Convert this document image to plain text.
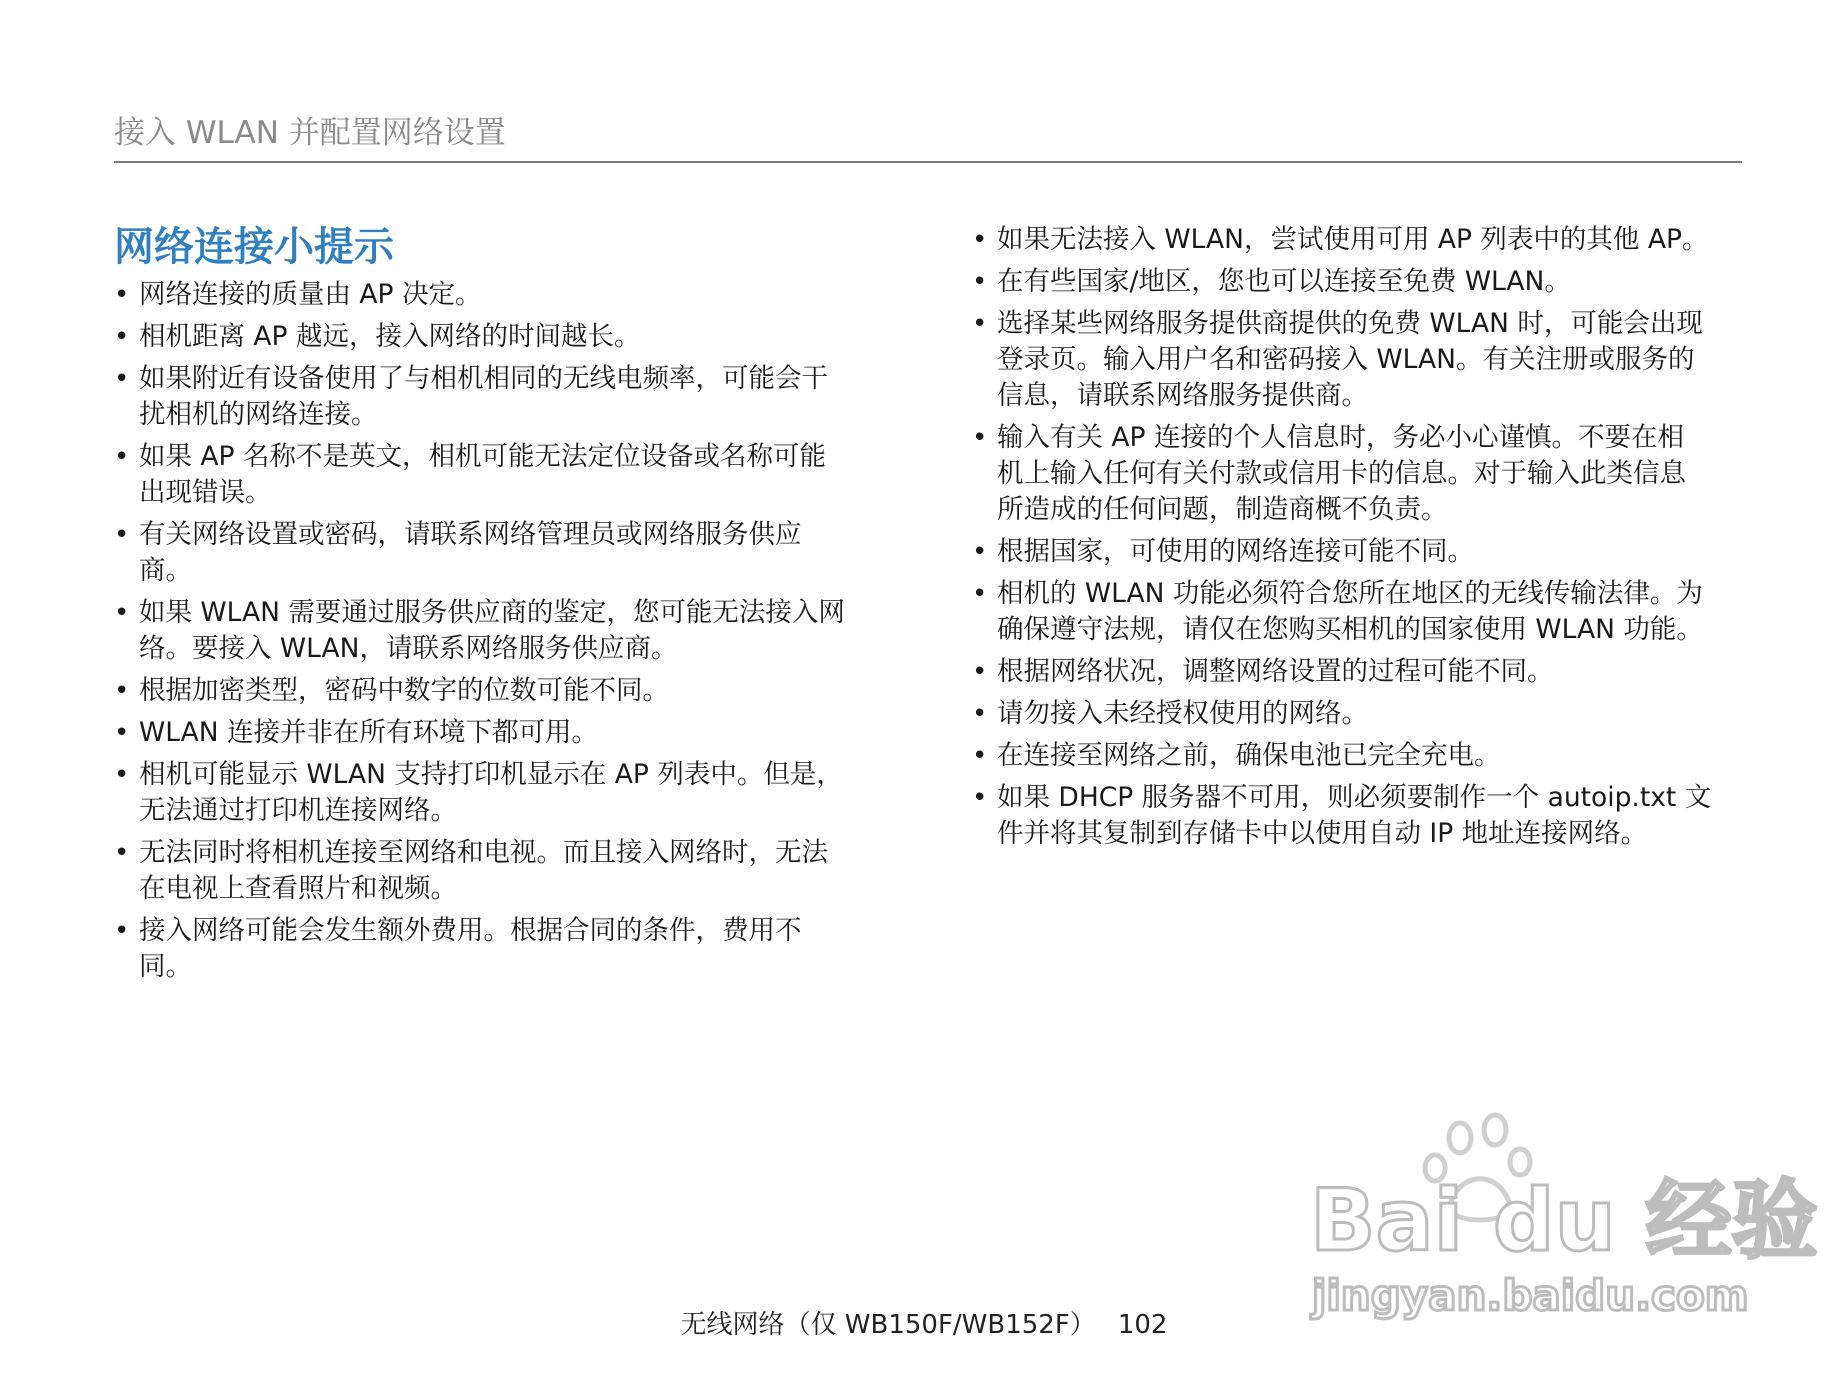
接入 WLAN 并配置网络设置
网络连接小提示
• 网络连接的质量由 AP 决定。
• 相机距离 AP 越远，接入网络的时间越长。
• 如果附近有设备使用了与相机相同的无线电频率，可能会干
扰相机的网络连接。
• 如果 AP 名称不是英文，相机可能无法定位设备或名称可能
出现错误。
• 有关网络设置或密码，请联系网络管理员或网络服务供应
商。
• 如果 WLAN 需要通过服务供应商的鉴定，您可能无法接入网
络。要接入 WLAN，请联系网络服务供应商。
• 根据加密类型，密码中数字的位数可能不同。
• WLAN 连接并非在所有环境下都可用。
• 相机可能显示 WLAN 支持打印机显示在 AP 列表中。但是，
无法通过打印机连接网络。
• 无法同时将相机连接至网络和电视。而且接入网络时，无法
在电视上查看照片和视频。
• 接入网络可能会发生额外费用。根据合同的条件，费用不
同。
• 如果无法接入 WLAN，尝试使用可用 AP 列表中的其他 AP。
• 在有些国家/地区，您也可以连接至免费 WLAN。
• 选择某些网络服务提供商提供的免费 WLAN 时，可能会出现
登录页。输入用户名和密码接入 WLAN。有关注册或服务的
信息，请联系网络服务提供商。
• 输入有关 AP 连接的个人信息时，务必小心谨慎。不要在相
机上输入任何有关付款或信用卡的信息。对于输入此类信息
所造成的任何问题，制造商概不负责。
• 根据国家，可使用的网络连接可能不同。
• 相机的 WLAN 功能必须符合您所在地区的无线传输法律。为
确保遵守法规，请仅在您购买相机的国家使用 WLAN 功能。
• 根据网络状况，调整网络设置的过程可能不同。
• 请勿接入未经授权使用的网络。
• 在连接至网络之前，确保电池已完全充电。
• 如果 DHCP 服务器不可用，则必须要制作一个 autoip.txt 文
件并将其复制到存储卡中以使用自动 IP 地址连接网络。
无线网络（仅 WB150F/WB152F） 102
Bai du 经验
jingyan.baidu.com
